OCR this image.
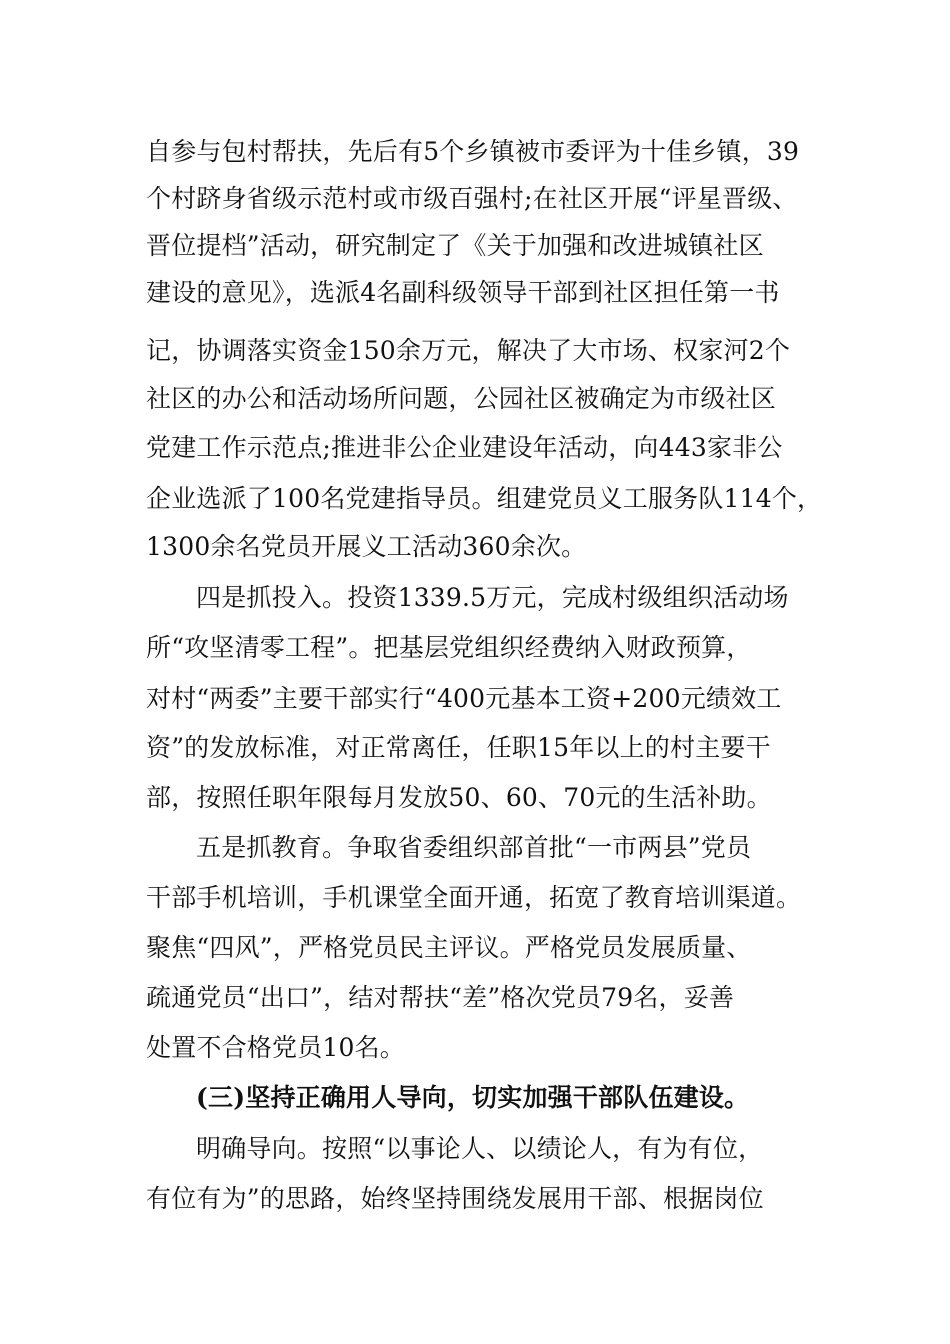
自参与包村帮扶，先后有5个乡镇被市委评为十佳乡镇，39
个村跻身省级示范村或市级百强村;在社区开展“评星晋级、
晋位提档”活动，研究制定了《关于加强和改进城镇社区
建设的意见》，选派4名副科级领导干部到社区担任第一书
记，协调落实资金150余万元，解决了大市场、权家河2个
社区的办公和活动场所问题，公园社区被确定为市级社区
党建工作示范点;推进非公企业建设年活动，向443家非公
企业选派了100名党建指导员。组建党员义工服务队114个，
1300余名党员开展义工活动360余次。
四是抓投入。投资1339.5万元，完成村级组织活动场
所“攻坚清零工程”。把基层党组织经费纳入财政预算，
对村“两委”主要干部实行“400元基本工资+200元绩效工
资”的发放标准，对正常离任，任职15年以上的村主要干
部，按照任职年限每月发放50、60、70元的生活补助。
五是抓教育。争取省委组织部首批“一市两县”党员
干部手机培训，手机课堂全面开通，拓宽了教育培训渠道。
聚焦“四风”，严格党员民主评议。严格党员发展质量、
疏通党员“出口”，结对帮扶“差”格次党员79名，妥善
处置不合格党员10名。
(三)坚持正确用人导向，切实加强干部队伍建设。
明确导向。按照“以事论人、以绩论人，有为有位，
有位有为”的思路，始终坚持围绕发展用干部、根据岗位
